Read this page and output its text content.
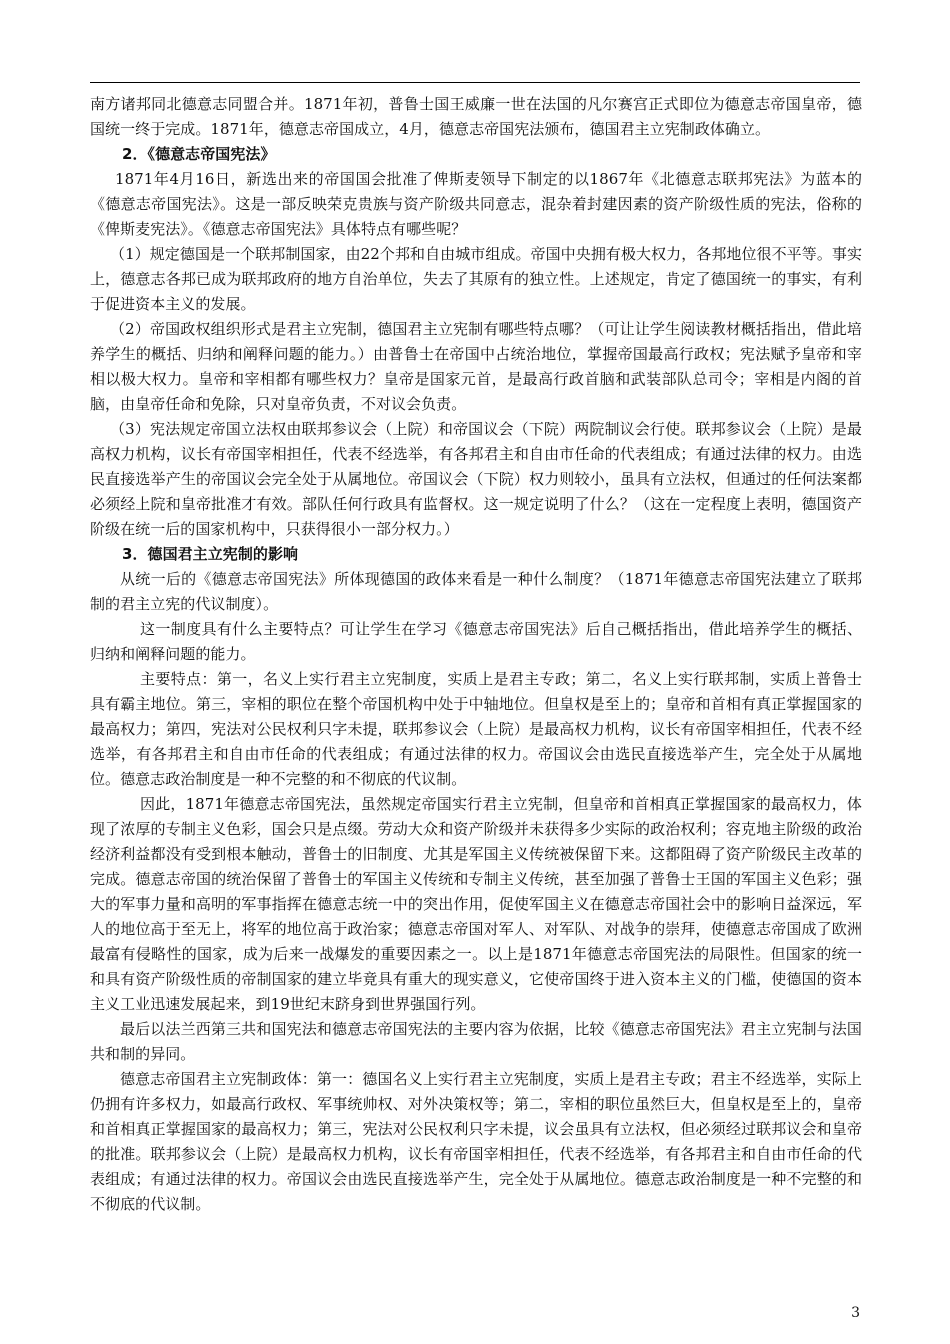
南方诸邦同北德意志同盟合并。1871年初，普鲁士国王威廉一世在法国的凡尔赛宫正式即位为德意志帝国皇帝，德国统一终于完成。1871年，德意志帝国成立，4月，德意志帝国宪法颁布，德国君主立宪制政体确立。

2．《德意志帝国宪法》

1871年4月16日，新选出来的帝国国会批准了俾斯麦领导下制定的以1867年《北德意志联邦宪法》为蓝本的《德意志帝国宪法》。这是一部反映荣克贵族与资产阶级共同意志，混杂着封建因素的资产阶级性质的宪法，俗称的《俾斯麦宪法》。《德意志帝国宪法》具体特点有哪些呢？

（1）规定德国是一个联邦制国家，由22个邦和自由城市组成。帝国中央拥有极大权力，各邦地位很不平等。事实上，德意志各邦已成为联邦政府的地方自治单位，失去了其原有的独立性。上述规定，肯定了德国统一的事实，有利于促进资本主义的发展。

（2）帝国政权组织形式是君主立宪制，德国君主立宪制有哪些特点哪？（可让让学生阅读教材概括指出，借此培养学生的概括、归纳和阐释问题的能力。）由普鲁士在帝国中占统治地位，掌握帝国最高行政权；宪法赋予皇帝和宰相以极大权力。皇帝和宰相都有哪些权力？皇帝是国家元首，是最高行政首脑和武装部队总司令；宰相是内阁的首脑，由皇帝任命和免除，只对皇帝负责，不对议会负责。

（3）宪法规定帝国立法权由联邦参议会（上院）和帝国议会（下院）两院制议会行使。联邦参议会（上院）是最高权力机构，议长有帝国宰相担任，代表不经选举，有各邦君主和自由市任命的代表组成；有通过法律的权力。由选民直接选举产生的帝国议会完全处于从属地位。帝国议会（下院）权力则较小，虽具有立法权，但通过的任何法案都必须经上院和皇帝批准才有效。部队任何行政具有监督权。这一规定说明了什么？（这在一定程度上表明，德国资产阶级在统一后的国家机构中，只获得很小一部分权力。）

3．德国君主立宪制的影响

从统一后的《德意志帝国宪法》所体现德国的政体来看是一种什么制度？（1871年德意志帝国宪法建立了联邦制的君主立宪的代议制度）。

这一制度具有什么主要特点？可让学生在学习《德意志帝国宪法》后自己概括指出，借此培养学生的概括、归纳和阐释问题的能力。

主要特点：第一，名义上实行君主立宪制度，实质上是君主专政；第二，名义上实行联邦制，实质上普鲁士具有霸主地位。第三，宰相的职位在整个帝国机构中处于中轴地位。但皇权是至上的；皇帝和首相有真正掌握国家的最高权力；第四，宪法对公民权利只字未提，联邦参议会（上院）是最高权力机构，议长有帝国宰相担任，代表不经选举，有各邦君主和自由市任命的代表组成；有通过法律的权力。帝国议会由选民直接选举产生，完全处于从属地位。德意志政治制度是一种不完整的和不彻底的代议制。

因此，1871年德意志帝国宪法，虽然规定帝国实行君主立宪制，但皇帝和首相真正掌握国家的最高权力，体现了浓厚的专制主义色彩，国会只是点缀。劳动大众和资产阶级并未获得多少实际的政治权利；容克地主阶级的政治经济利益都没有受到根本触动，普鲁士的旧制度、尤其是军国主义传统被保留下来。这都阻碍了资产阶级民主改革的完成。德意志帝国的统治保留了普鲁士的军国主义传统和专制主义传统，甚至加强了普鲁士王国的军国主义色彩；强大的军事力量和高明的军事指挥在德意志统一中的突出作用，促使军国主义在德意志帝国社会中的影响日益深远，军人的地位高于至无上，将军的地位高于政治家；德意志帝国对军人、对军队、对战争的崇拜，使德意志帝国成了欧洲最富有侵略性的国家，成为后来一战爆发的重要因素之一。以上是1871年德意志帝国宪法的局限性。但国家的统一和具有资产阶级性质的帝制国家的建立毕竟具有重大的现实意义，它使帝国终于进入资本主义的门槛，使德国的资本主义工业迅速发展起来，到19世纪末跻身到世界强国行列。

最后以法兰西第三共和国宪法和德意志帝国宪法的主要内容为依据，比较《德意志帝国宪法》君主立宪制与法国共和制的异同。

德意志帝国君主立宪制政体：第一：德国名义上实行君主立宪制度，实质上是君主专政；君主不经选举，实际上仍拥有许多权力，如最高行政权、军事统帅权、对外决策权等；第二，宰相的职位虽然巨大，但皇权是至上的，皇帝和首相真正掌握国家的最高权力；第三，宪法对公民权利只字未提，议会虽具有立法权，但必须经过联邦议会和皇帝的批准。联邦参议会（上院）是最高权力机构，议长有帝国宰相担任，代表不经选举，有各邦君主和自由市任命的代表组成；有通过法律的权力。帝国议会由选民直接选举产生，完全处于从属地位。德意志政治制度是一种不完整的和不彻底的代议制。

3
